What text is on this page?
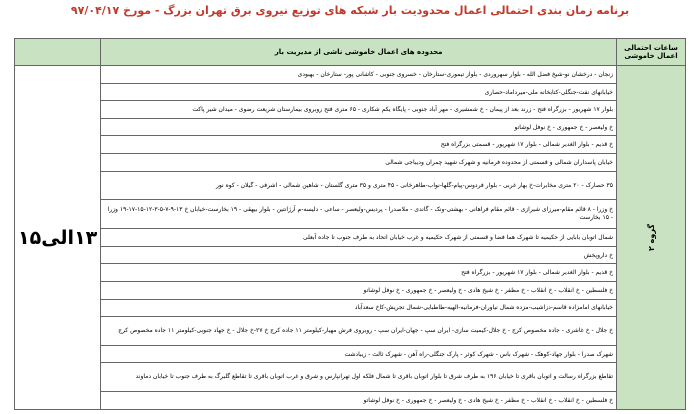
برنامه زمان بندی احتمالی اعمال محدودیت بار شبکه های توزیع نیروی برق تهران بزرگ - مورخ ۹۷/۰۴/۱۷
ساعات احتمالی اعمال خاموشی	محدوده های اعمال خاموشی ناشی از مدیریت بار	
گروه ۲	زنجان - درخشان نو-شیخ فضل الله - بلوار سهروردی - بلوار تیموری-ستارخان - خسروی جنوبی - کاشانی پور- ستارخان - بهبودی	۱۳الی۱۵
	خیابانهای نفت-جنگلی-کتابخانه ملی-میرداماد-حصاری	
	بلوار ۱۷ شهریور - بزرگراه فتح - زرند بعد از پیمان - خ شمشیری - مهر آباد جنوبی - پایگاه یکم شکاری - ۶۵ متری فتح روبروی بیمارستان شریعت رضوی - میدان شیر پاکت	
	خ ولیعصر - خ جمهوری - خ نوفل لوشاتو	
	خ قدیم - بلوار الغدیر شمالی - بلوار ۱۷ شهریور - قسمتی بزرگراه فتح	
	خیابان پاسداران شمالی و قسمتی از محدوده فرمانیه و شهرک شهید چمران ودیباجی شمالی	
	۳۵ حصارک - ۲۰ متری مخابرات-خ بهار غربی - بلوار فردوس-پیام-گلها-نواب-طاهرخانی - ۴۵ متری و ۳۵ متری گلستان - شاهین شمالی - اشرفی - گیلان - کوه نور	
	خ وزرا - ۸ قائم مقام-میرزای شیرازی - قائم مقام فراهانی - بهشتی-ونک - گاندی - ملاصدرا - پردیس-ولیعصر - ساعی - دلیسه-م آرژانتین - بلوار بیهقی - ۱۹ بخارست-خیابان خ ۱۳-۹-۷-۵-۳-۱۲-۱۵-۱۷-۱۹ وزرا - ۱۵ بخارست	
	شمال اتوبان بابایی از حکیمیه تا شهرک هما فضا و قسمتی از شهرک حکیمیه و غرب خیابان اتحاد به طرف جنوب تا جاده آبعلی	
	خ داروپخش	
	خ قدیم - بلوار الغدیر شمالی - بلوار ۱۷ شهریور - بزرگراه فتح	
	خ فلسطین - خ انقلاب - خ انقلاب - خ مظفر - خ شیخ هادی - خ ولیعصر - خ جمهوری - خ نوفل لوشاتو	
	خیابانهای امامزاده قاسم-دزاشیب-مزده شمال نیاوران-فرمانیه-الهیه-طاطبایی-شمال تجریش-کاخ سعدآباد	
	خ جلال - خ غاشری - جاده مخصوص کرج - خ جلال-کیمیت سازی- ایران سپ - جهان-ایران سپ - روبروی فرش مهیار-کیلومتر ۱۱ جاده کرج خ ۲۷-خ جلال - خ جهاد جنوبی-کیلومتر ۱۱ جاده مخصوص کرج	
	شهرک صدرا - بلوار جهاد-کوهک - شهرک باس - شهرک کوثر - پارک جنگلی-راه آهن - شهرک ثالث - زیبادشت	
	تقاطع بزرگراه رسالت و اتوبان باقری تا خیابان ۱۹۶ به طرف شرق تا بلوار اتوبان باقری تا شمال فلکه اول تهرانپارس و شرق و غرب اتوبان باقری تا تقاطع گلبرگ به طرف جنوب تا خیابان دماوند	
	خ فلسطین - خ انقلاب - خ انقلاب - خ مظفر - خ شیخ هادی - خ ولیعصر - خ جمهوری - خ نوفل لوشاتو	
